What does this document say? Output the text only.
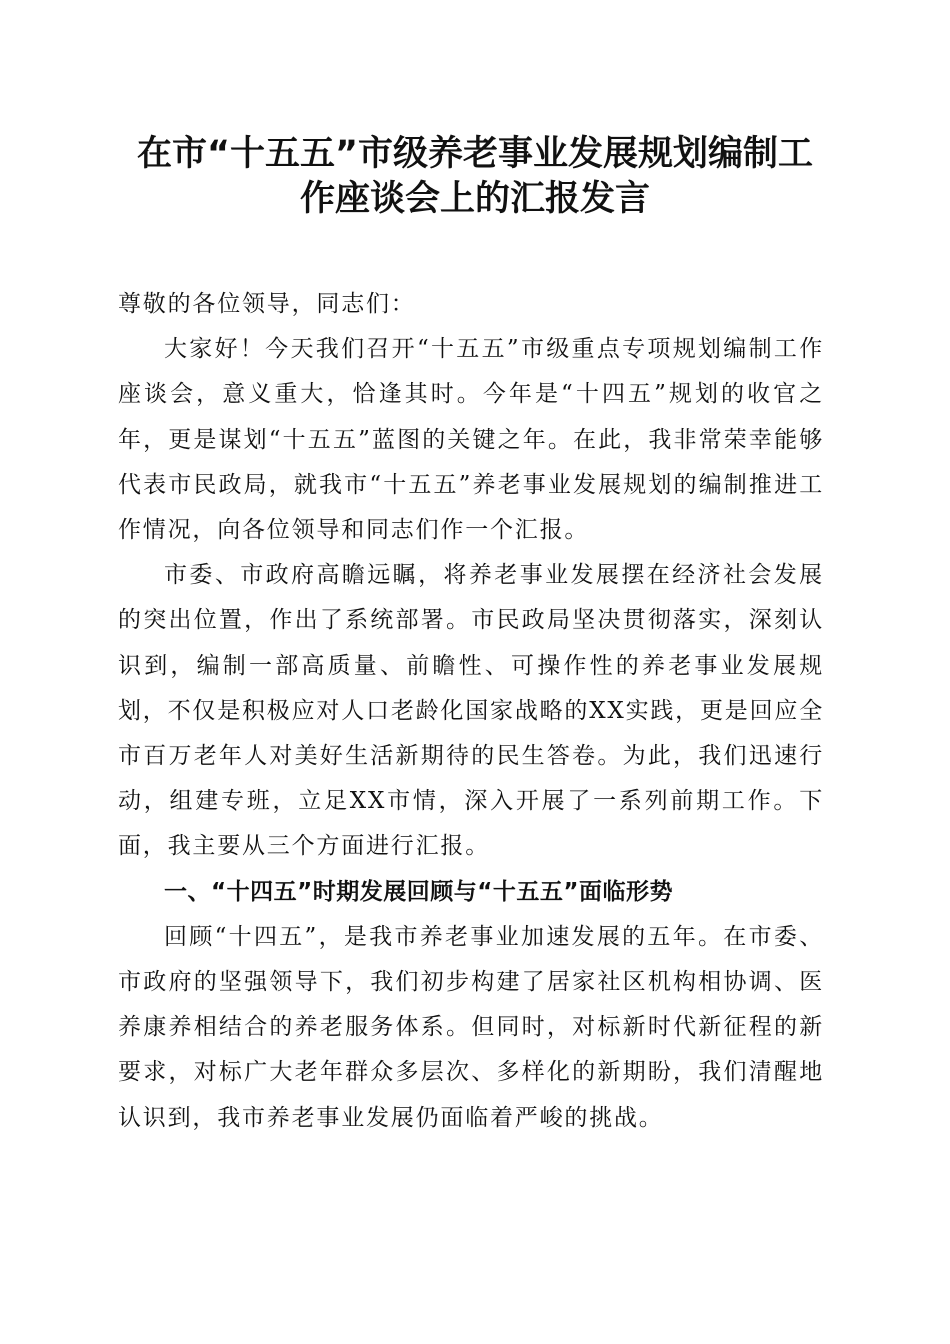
在市“十五五”市级养老事业发展规划编制工
作座谈会上的汇报发言

尊敬的各位领导，同志们：

大家好！今天我们召开“十五五”市级重点专项规划编制工作座谈会，意义重大，恰逢其时。今年是“十四五”规划的收官之年，更是谋划“十五五”蓝图的关键之年。在此，我非常荣幸能够代表市民政局，就我市“十五五”养老事业发展规划的编制推进工作情况，向各位领导和同志们作一个汇报。

市委、市政府高瞻远瞩，将养老事业发展摆在经济社会发展的突出位置，作出了系统部署。市民政局坚决贯彻落实，深刻认识到，编制一部高质量、前瞻性、可操作性的养老事业发展规划，不仅是积极应对人口老龄化国家战略的XX实践，更是回应全市百万老年人对美好生活新期待的民生答卷。为此，我们迅速行动，组建专班，立足XX市情，深入开展了一系列前期工作。下面，我主要从三个方面进行汇报。

一、“十四五”时期发展回顾与“十五五”面临形势

回顾“十四五”，是我市养老事业加速发展的五年。在市委、市政府的坚强领导下，我们初步构建了居家社区机构相协调、医养康养相结合的养老服务体系。但同时，对标新时代新征程的新要求，对标广大老年群众多层次、多样化的新期盼，我们清醒地认识到，我市养老事业发展仍面临着严峻的挑战。
